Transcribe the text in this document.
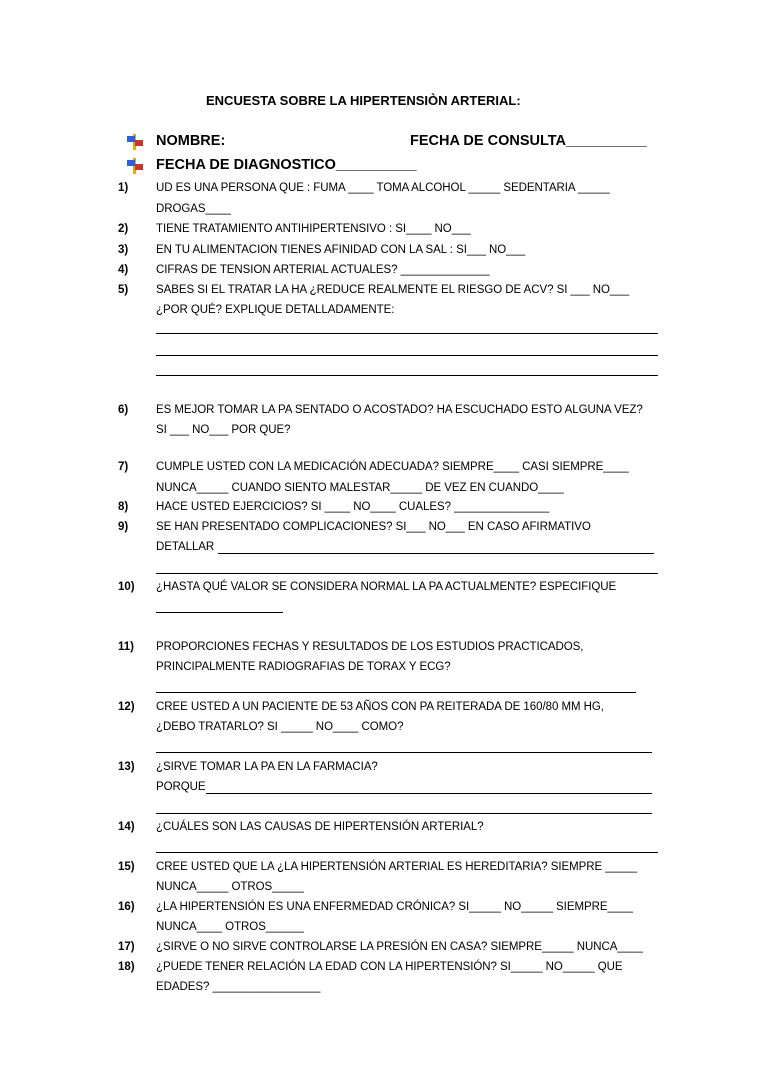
ENCUESTA SOBRE LA HIPERTENSIÒN ARTERIAL:
NOMBRE:	FECHA DE CONSULTA__________
FECHA DE DIAGNOSTICO__________
1) UD ES UNA PERSONA QUE : FUMA ____ TOMA ALCOHOL _____ SEDENTARIA _____
DROGAS____
2) TIENE TRATAMIENTO ANTIHIPERTENSIVO : SI____ NO___
3) EN TU ALIMENTACION TIENES AFINIDAD CON LA SAL : SI___ NO___
4) CIFRAS DE TENSION ARTERIAL ACTUALES? ______________
5) SABES SI EL TRATAR LA HA ¿REDUCE REALMENTE EL RIESGO DE ACV? SI ___ NO___
¿POR QUÉ? EXPLIQUE DETALLADAMENTE:
6) ES MEJOR TOMAR LA PA SENTADO O ACOSTADO? HA ESCUCHADO ESTO ALGUNA VEZ?
SI ___ NO___ POR QUE?
7) CUMPLE USTED CON LA MEDICACIÓN ADECUADA? SIEMPRE____ CASI SIEMPRE____
NUNCA_____ CUANDO SIENTO MALESTAR_____ DE VEZ EN CUANDO____
8) HACE USTED EJERCICIOS? SI ____ NO____ CUALES? _______________
9) SE HAN PRESENTADO COMPLICACIONES? SI___ NO___ EN CASO AFIRMATIVO
DETALLAR
10) ¿HASTA QUÉ VALOR SE CONSIDERA NORMAL LA PA ACTUALMENTE? ESPECIFIQUE
11) PROPORCIONES FECHAS Y RESULTADOS DE LOS ESTUDIOS PRACTICADOS,
PRINCIPALMENTE RADIOGRAFIAS DE TORAX Y ECG?
12) CREE USTED A UN PACIENTE DE 53 AÑOS CON PA REITERADA DE 160/80 MM HG,
¿DEBO TRATARLO? SI _____ NO____ COMO?
13) ¿SIRVE TOMAR LA PA EN LA FARMACIA?
PORQUE
14) ¿CUÁLES SON LAS CAUSAS DE HIPERTENSIÓN ARTERIAL?
15) CREE USTED QUE LA ¿LA HIPERTENSIÓN ARTERIAL ES HEREDITARIA? SIEMPRE _____
NUNCA_____ OTROS_____
16) ¿LA HIPERTENSIÓN ES UNA ENFERMEDAD CRÓNICA? SI_____ NO_____ SIEMPRE____
NUNCA____ OTROS______
17) ¿SIRVE O NO SIRVE CONTROLARSE LA PRESIÓN EN CASA? SIEMPRE_____ NUNCA____
18) ¿PUEDE TENER RELACIÓN LA EDAD CON LA HIPERTENSIÓN? SI_____ NO_____ QUE
EDADES? _________________
